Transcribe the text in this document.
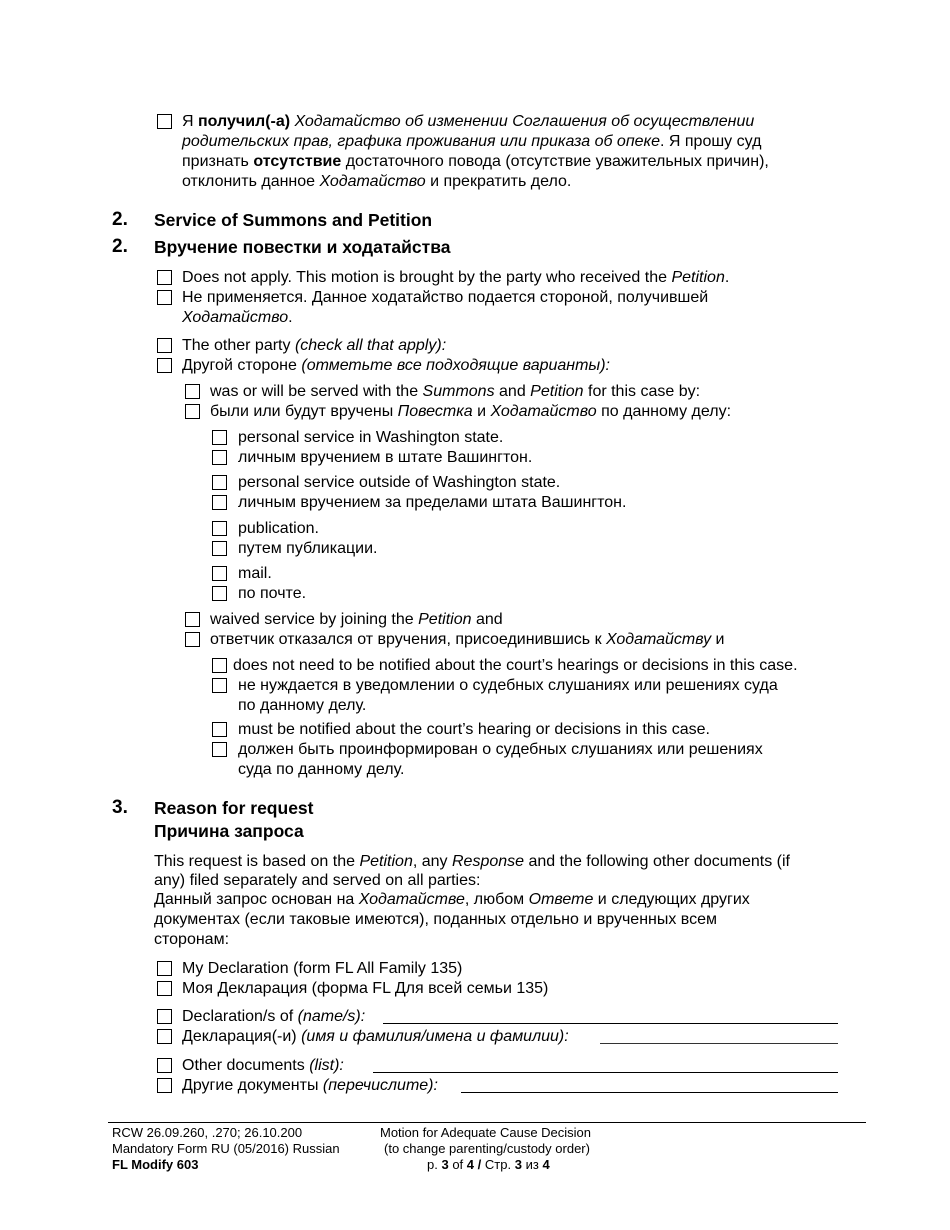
Я получил(-а) Ходатайство об изменении Соглашения об осуществлении
родительских прав, графика проживания или приказа об опеке. Я прошу суд
признать отсутствие достаточного повода (отсутствие уважительных причин),
отклонить данное Ходатайство и прекратить дело.
2. Service of Summons and Petition
2. Вручение повестки и ходатайства
Does not apply. This motion is brought by the party who received the Petition.
Не применяется. Данное ходатайство подается стороной, получившей
Ходатайство.
The other party (check all that apply):
Другой стороне (отметьте все подходящие варианты):
was or will be served with the Summons and Petition for this case by:
были или будут вручены Повестка и Ходатайство по данному делу:
personal service in Washington state.
личным вручением в штате Вашингтон.
personal service outside of Washington state.
личным вручением за пределами штата Вашингтон.
publication.
путем публикации.
mail.
по почте.
waived service by joining the Petition and
ответчик отказался от вручения, присоединившись к Ходатайству и
does not need to be notified about the court’s hearings or decisions in this case.
не нуждается в уведомлении о судебных слушаниях или решениях суда
по данному делу.
must be notified about the court’s hearing or decisions in this case.
должен быть проинформирован о судебных слушаниях или решениях
суда по данному делу.
3. Reason for request
Причина запроса
This request is based on the Petition, any Response and the following other documents (if
any) filed separately and served on all parties:
Данный запрос основан на Ходатайстве, любом Ответе и следующих других
документах (если таковые имеются), поданных отдельно и врученных всем
сторонам:
My Declaration (form FL All Family 135)
Моя Декларация (форма FL Для всей семьи 135)
Declaration/s of (name/s):
Декларация(-и) (имя и фамилия/имена и фамилии):
Other documents (list):
Другие документы (перечислите):
RCW 26.09.260, .270; 26.10.200
Mandatory Form RU (05/2016) Russian
FL Modify 603
Motion for Adequate Cause Decision
(to change parenting/custody order)
p. 3 of 4 / Стр. 3 из 4
